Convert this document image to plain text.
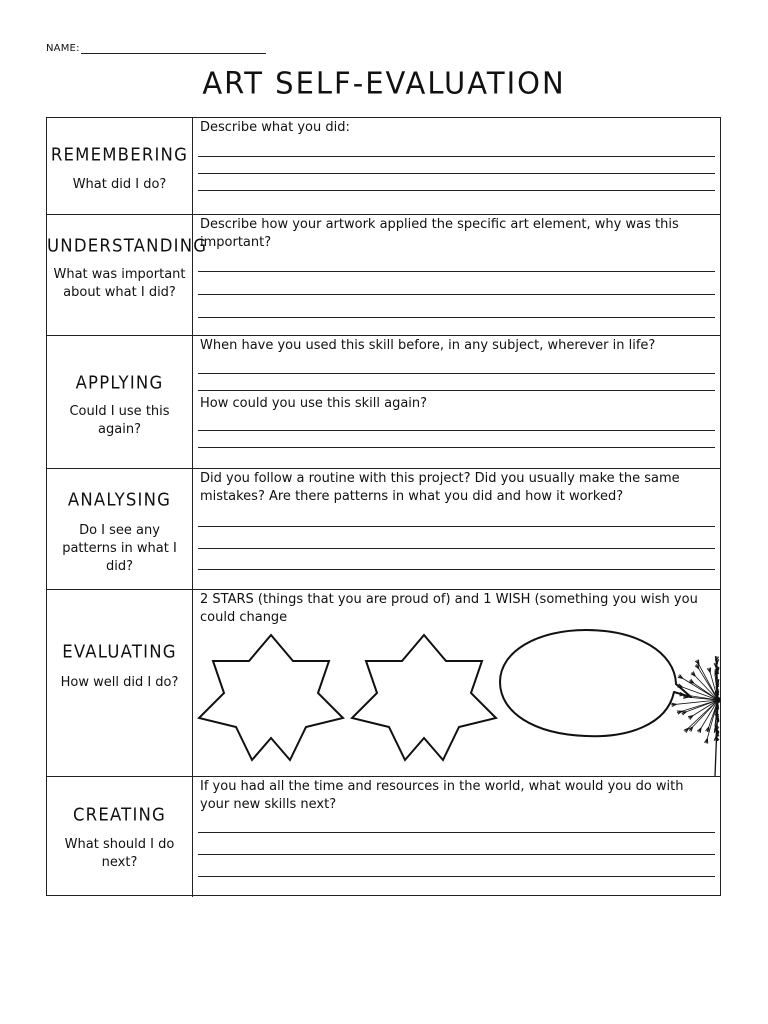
NAME:
ART SELF-EVALUATION
REMEMBERING
What did I do?
Describe what you did:
UNDERSTANDING
What was important about what I did?
Describe how your artwork applied the specific art element, why was this important?
APPLYING
Could I use this again?
When have you used this skill before, in any subject, wherever in life?
How could you use this skill again?
ANALYSING
Do I see any patterns in what I did?
Did you follow a routine with this project? Did you usually make the same mistakes? Are there patterns in what you did and how it worked?
EVALUATING
How well did I do?
2 STARS (things that you are proud of) and 1 WISH (something you wish you could change
CREATING
What should I do next?
If you had all the time and resources in the world, what would you do with your new skills next?
